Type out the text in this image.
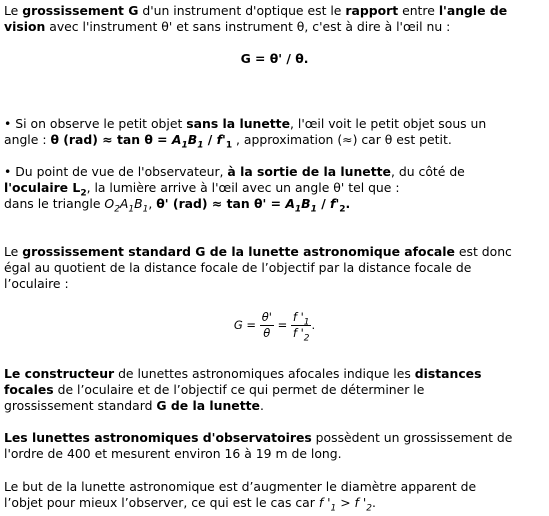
Le grossissement G d'un instrument d'optique est le rapport entre l'angle de
vision avec l'instrument θ' et sans instrument θ, c'est à dire à l'œil nu :

G = θ' / θ.

• Si on observe le petit objet sans la lunette, l'œil voit le petit objet sous un
angle : θ $(rad) \approx \tan \theta = A_1B_1 / f'_1$ , approximation (≈) car θ est petit.

• Du point de vue de l'observateur, à la sortie de la lunette, du côté de
l'oculaire $L_2$, la lumière arrive à l'œil avec un angle θ' tel que :
dans le triangle $O_2A_1B_1$, θ' $(rad) \approx \tan \theta' = A_1B_1 / f'_2$.

Le grossissement standard G de la lunette astronomique afocale est donc
égal au quotient de la distance focale de l’objectif par la distance focale de
l’oculaire :

$G = \frac{\theta'}{\theta} = \frac{f '_1}{f '_2}$ .

Le constructeur de lunettes astronomiques afocales indique les distances
focales de l’oculaire et de l’objectif ce qui permet de déterminer le
grossissement standard G de la lunette.

Les lunettes astronomiques d'observatoires possèdent un grossissement de
l'ordre de 400 et mesurent environ 16 à 19 m de long.

Le but de la lunette astronomique est d’augmenter le diamètre apparent de
l’objet pour mieux l’observer, ce qui est le cas car f '$_1 > f$ '$_2$.
